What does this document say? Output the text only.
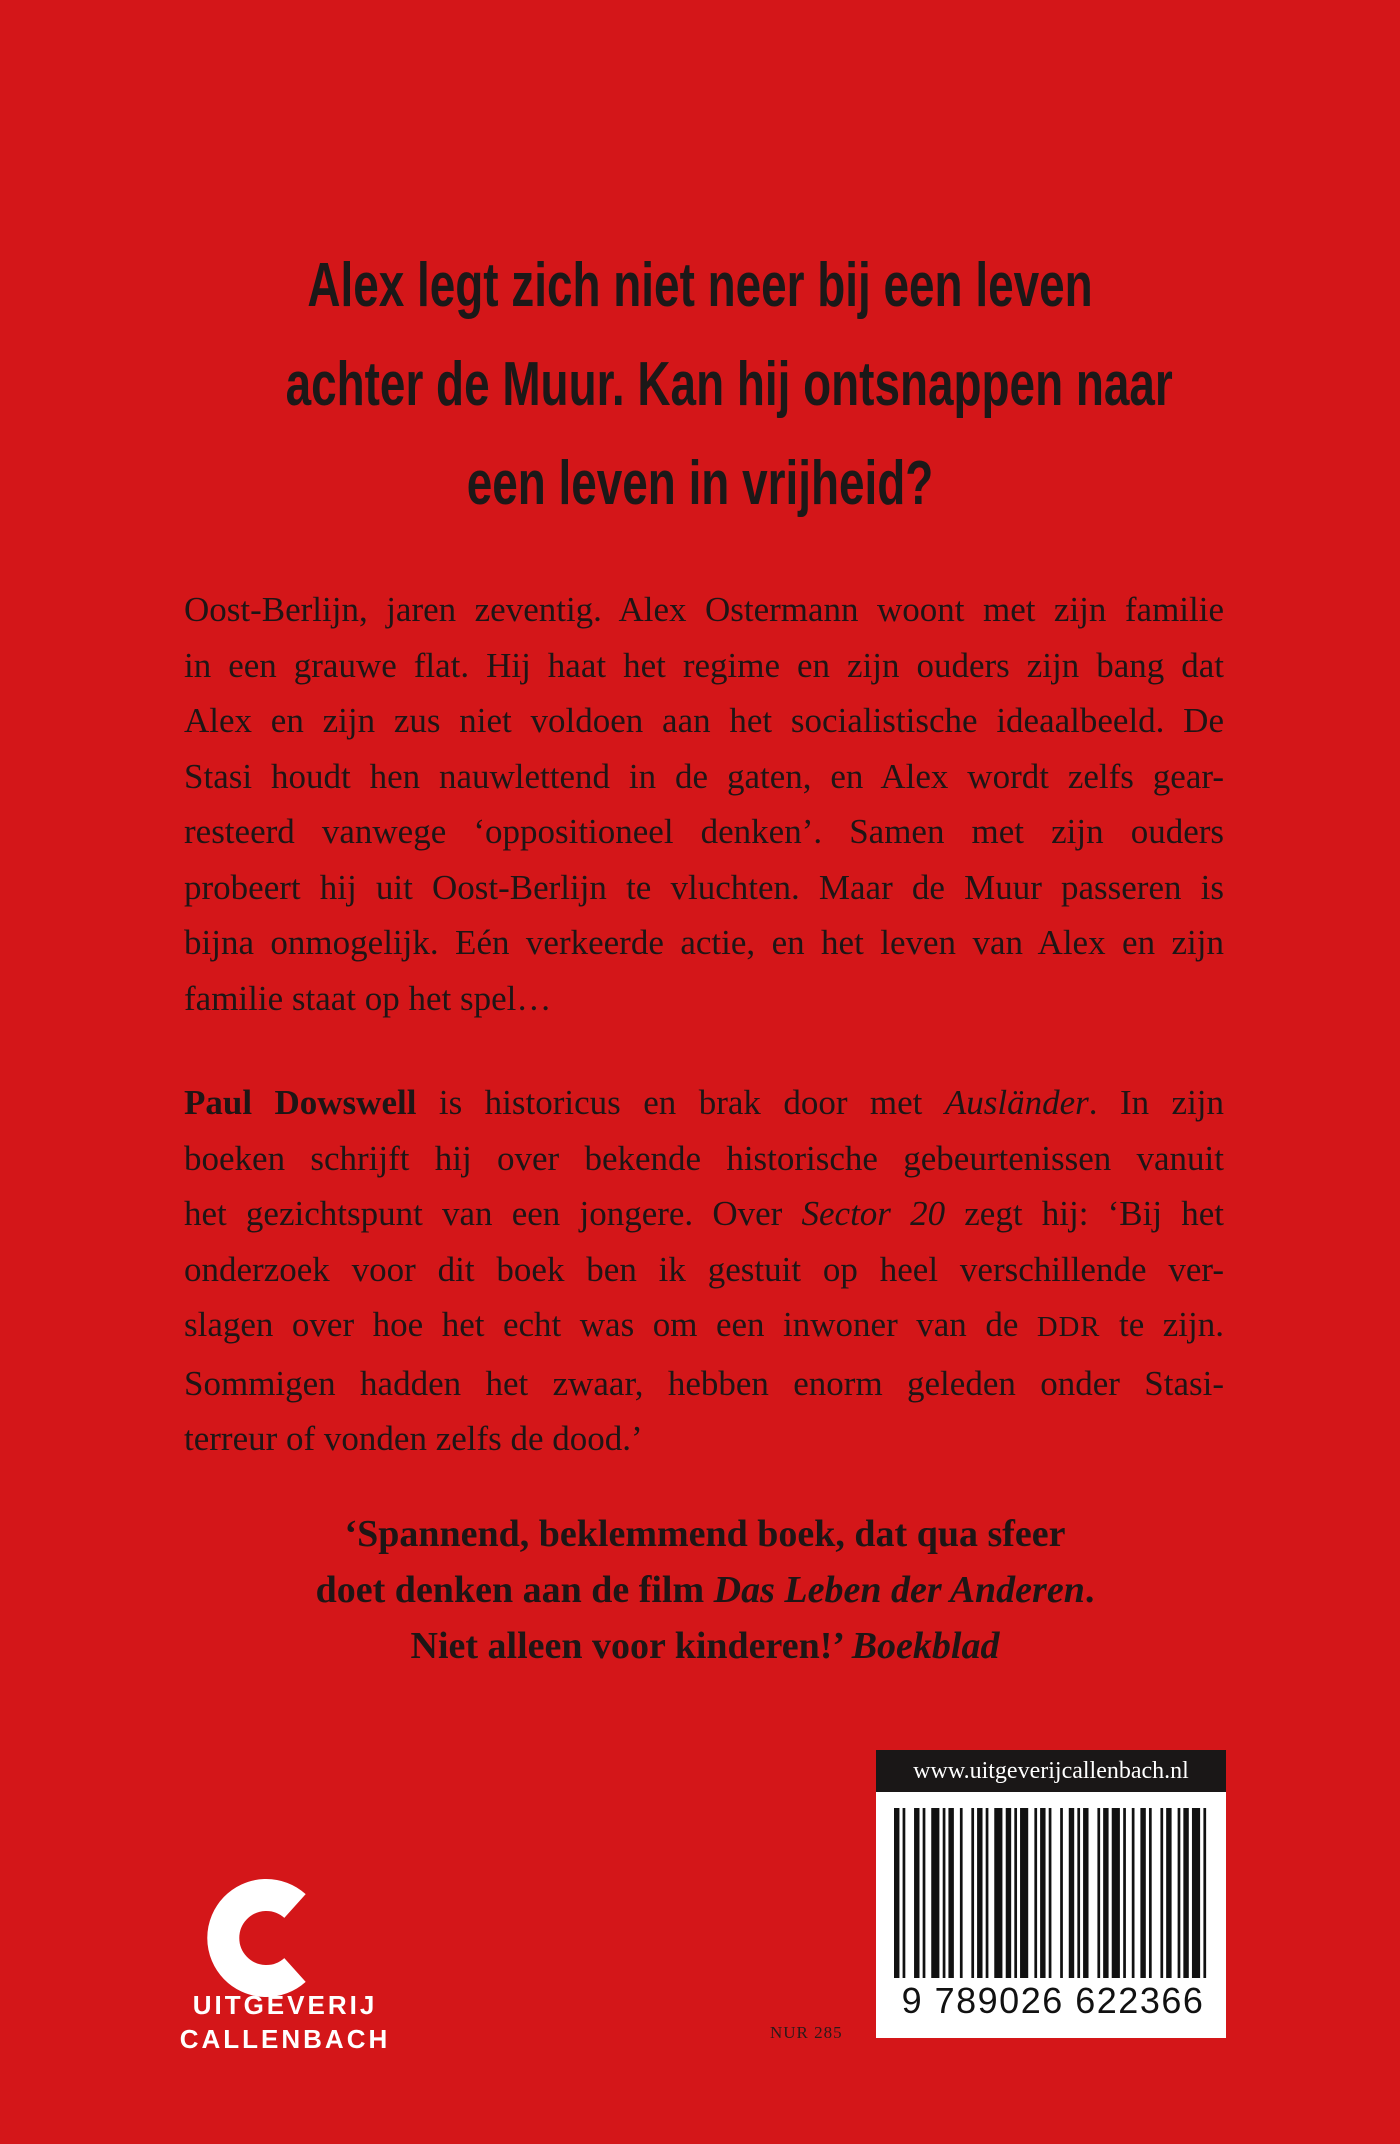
Alex legt zich niet neer bij een leven
achter de Muur. Kan hij ontsnappen naar
een leven in vrijheid?
Oost-Berlijn, jaren zeventig. Alex Ostermann woont met zijn familie
in een grauwe flat. Hij haat het regime en zijn ouders zijn bang dat
Alex en zijn zus niet voldoen aan het socialistische ideaalbeeld. De
Stasi houdt hen nauwlettend in de gaten, en Alex wordt zelfs gear-
resteerd vanwege ‘oppositioneel denken’. Samen met zijn ouders
probeert hij uit Oost-Berlijn te vluchten. Maar de Muur passeren is
bijna onmogelijk. Eén verkeerde actie, en het leven van Alex en zijn
familie staat op het spel…
Paul Dowswell is historicus en brak door met Ausländer. In zijn
boeken schrijft hij over bekende historische gebeurtenissen vanuit
het gezichtspunt van een jongere. Over Sector 20 zegt hij: ‘Bij het
onderzoek voor dit boek ben ik gestuit op heel verschillende ver-
slagen over hoe het echt was om een inwoner van de DDR te zijn.
Sommigen hadden het zwaar, hebben enorm geleden onder Stasi-
terreur of vonden zelfs de dood.’
‘Spannend, beklemmend boek, dat qua sfeer
doet denken aan de film Das Leben der Anderen.
Niet alleen voor kinderen!’ Boekblad
UITGEVERIJ
CALLENBACH	NUR 285
www.uitgeverijcallenbach.nl
9 789026 622366
